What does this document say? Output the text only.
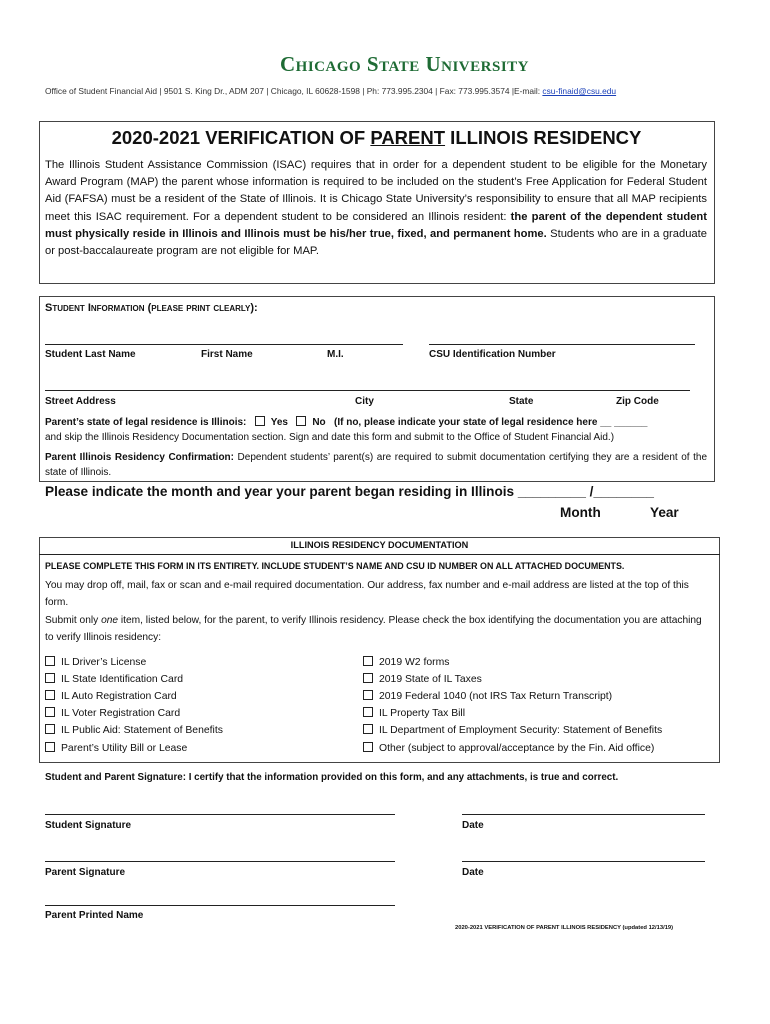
Chicago State University
Office of Student Financial Aid | 9501 S. King Dr., ADM 207 | Chicago, IL 60628-1598 | Ph: 773.995.2304 | Fax: 773.995.3574 |E-mail: csu-finaid@csu.edu
2020-2021 VERIFICATION OF PARENT ILLINOIS RESIDENCY
The Illinois Student Assistance Commission (ISAC) requires that in order for a dependent student to be eligible for the Monetary Award Program (MAP) the parent whose information is required to be included on the student’s Free Application for Federal Student Aid (FAFSA) must be a resident of the State of Illinois. It is Chicago State University’s responsibility to ensure that all MAP recipients meet this ISAC requirement. For a dependent student to be considered an Illinois resident: the parent of the dependent student must physically reside in Illinois and Illinois must be his/her true, fixed, and permanent home. Students who are in a graduate or post-baccalaureate program are not eligible for MAP.
Student Information (please print clearly):
Student Last Name	First Name	M.I.	CSU Identification Number
Street Address	City	State	Zip Code
Parent’s state of legal residence is Illinois: Yes No (If no, please indicate your state of legal residence here __ ______
and skip the Illinois Residency Documentation section. Sign and date this form and submit to the Office of Student Financial Aid.)
Parent Illinois Residency Confirmation: Dependent students’ parent(s) are required to submit documentation certifying they are a resident of the state of Illinois.
Please indicate the month and year your parent began residing in Illinois _________ /________
Month	Year
ILLINOIS RESIDENCY DOCUMENTATION
PLEASE COMPLETE THIS FORM IN ITS ENTIRETY. INCLUDE STUDENT’S NAME AND CSU ID NUMBER ON ALL ATTACHED DOCUMENTS.
You may drop off, mail, fax or scan and e-mail required documentation. Our address, fax number and e-mail address are listed at the top of this form.
Submit only one item, listed below, for the parent, to verify Illinois residency. Please check the box identifying the documentation you are attaching to verify Illinois residency:
IL Driver’s License
IL State Identification Card
IL Auto Registration Card
IL Voter Registration Card
IL Public Aid: Statement of Benefits
Parent’s Utility Bill or Lease
2019 W2 forms
2019 State of IL Taxes
2019 Federal 1040 (not IRS Tax Return Transcript)
IL Property Tax Bill
IL Department of Employment Security: Statement of Benefits
Other (subject to approval/acceptance by the Fin. Aid office)
Student and Parent Signature: I certify that the information provided on this form, and any attachments, is true and correct.
Student Signature	Date
Parent Signature	Date
Parent Printed Name
2020-2021 VERIFICATION OF PARENT ILLINOIS RESIDENCY (updated 12/13/19)
